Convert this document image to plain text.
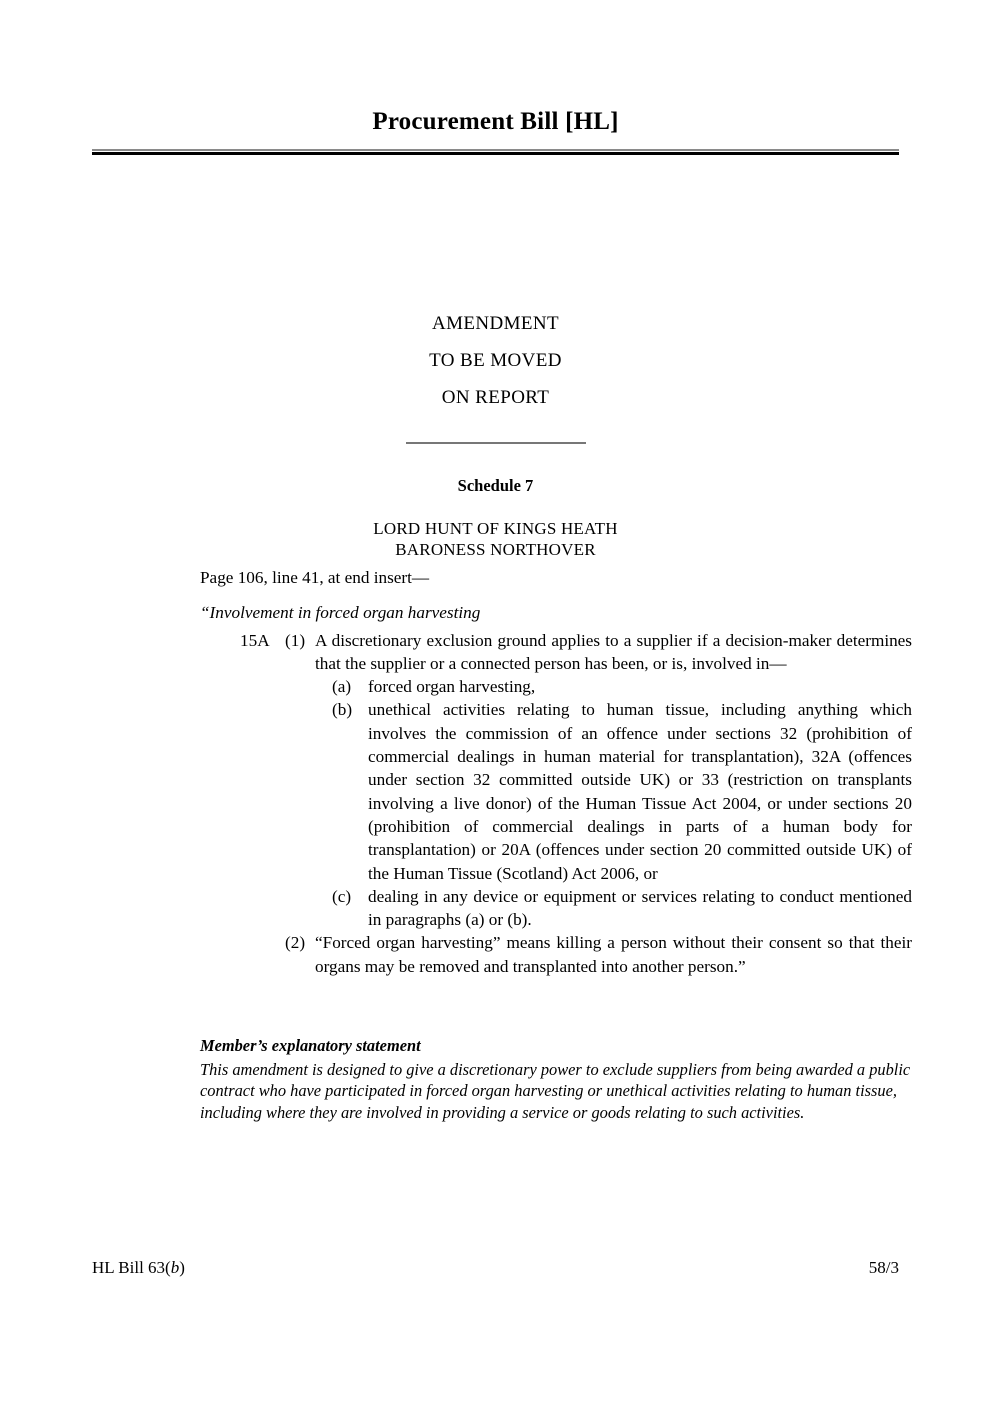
Procurement Bill [HL]
AMENDMENT
TO BE MOVED
ON REPORT
Schedule 7
LORD HUNT OF KINGS HEATH
BARONESS NORTHOVER

Page 106, line 41, at end insert—

“Involvement in forced organ harvesting

15A (1) A discretionary exclusion ground applies to a supplier if a decision-maker determines that the supplier or a connected person has been, or is, involved in—

(a) forced organ harvesting,

(b) unethical activities relating to human tissue, including anything which involves the commission of an offence under sections 32 (prohibition of commercial dealings in human material for transplantation), 32A (offences under section 32 committed outside UK) or 33 (restriction on transplants involving a live donor) of the Human Tissue Act 2004, or under sections 20 (prohibition of commercial dealings in parts of a human body for transplantation) or 20A (offences under section 20 committed outside UK) of the Human Tissue (Scotland) Act 2006, or

(c) dealing in any device or equipment or services relating to conduct mentioned in paragraphs (a) or (b).

(2) “Forced organ harvesting” means killing a person without their consent so that their organs may be removed and transplanted into another person.”

Member’s explanatory statement

This amendment is designed to give a discretionary power to exclude suppliers from being awarded a public contract who have participated in forced organ harvesting or unethical activities relating to human tissue, including where they are involved in providing a service or goods relating to such activities.

HL Bill 63(b)	58/3
